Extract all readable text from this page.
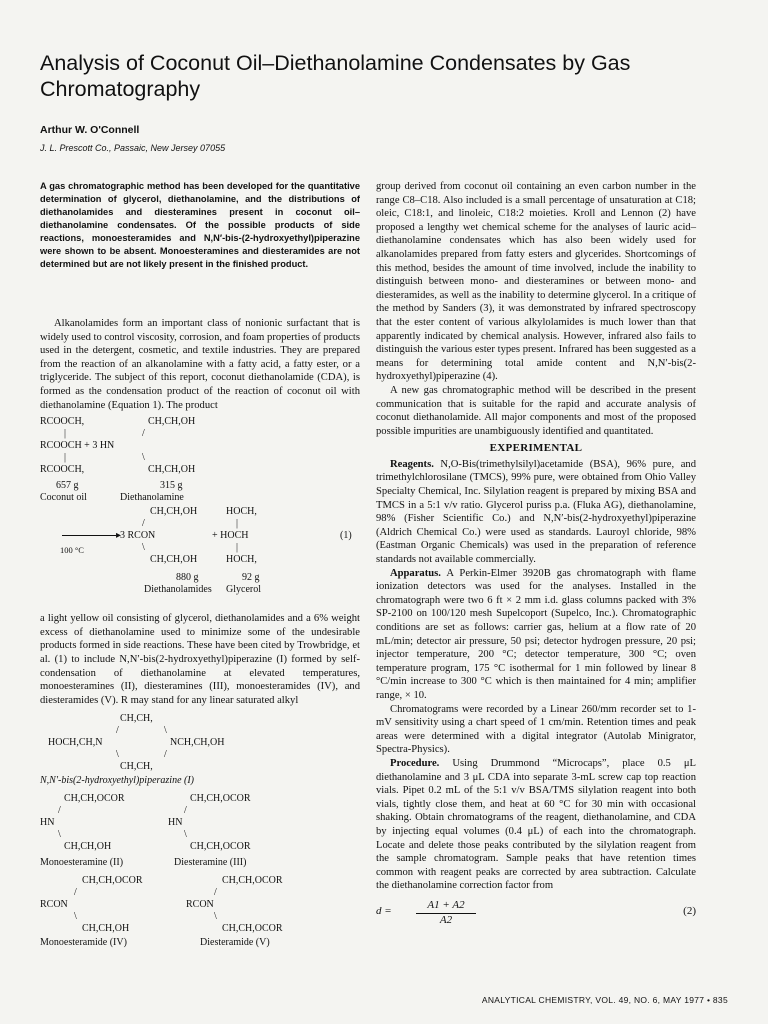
Analysis of Coconut Oil–Diethanolamine Condensates by Gas Chromatography
Arthur W. O'Connell
J. L. Prescott Co., Passaic, New Jersey 07055

A gas chromatographic method has been developed for the quantitative determination of glycerol, diethanolamine, and the distributions of diethanolamides and diesteramines present in coconut oil–diethanolamine condensates. Of the possible products of side reactions, monoesteramides and N,N′-bis-(2-hydroxyethyl)piperazine were shown to be absent. Monoesteramines and diesteramides are not determined but are not likely present in the finished product.

Alkanolamides form an important class of nonionic surfactant that is widely used to control viscosity, corrosion, and foam properties of products used in the detergent, cosmetic, and textile industries. They are prepared from the reaction of an alkanolamine with a fatty acid, a fatty ester, or a triglyceride. The subject of this report, coconut diethanolamide (CDA), is formed as the condensation product of the reaction of coconut oil with diethanolamine (Equation 1). The product

RCOOCH,	CH,CH,OH
|	/
RCOOCH + 3 HN
|	\
RCOOCH,	CH,CH,OH
657 g	315 g
Coconut oil	Diethanolamine
CH,CH,OH	HOCH,
/	|
▸
3 RCON	+ HOCH	(1)
100 °C	\	|
CH,CH,OH	HOCH,
880 g	92 g
Diethanolamides Glycerol

a light yellow oil consisting of glycerol, diethanolamides and a 6% weight excess of diethanolamine used to minimize some of the undesirable products formed in side reactions. These have been cited by Trowbridge, et al. (1) to include N,N′-bis(2-hydroxyethyl)piperazine (I) formed by self-condensation of diethanolamine at elevated temperatures, monoesteramines (II), diesteramines (III), monoesteramides (IV), and diesteramides (V). R may stand for any linear saturated alkyl

CH,CH,
/	\
HOCH,CH,N	NCH,CH,OH
\	/
CH,CH,
N,N′-bis(2-hydroxyethyl)piperazine (I)
CH,CH,OCOR	CH,CH,OCOR
/	/
HN	HN
\	\
CH,CH,OH	CH,CH,OCOR
Monoesteramine (II)	Diesteramine (III)
CH,CH,OCOR	CH,CH,OCOR
/	/
RCON	RCON
\	\
CH,CH,OH	CH,CH,OCOR
Monoesteramide (IV)	Diesteramide (V)

group derived from coconut oil containing an even carbon number in the range C8–C18. Also included is a small percentage of unsaturation at C18; oleic, C18:1, and linoleic, C18:2 moieties. Kroll and Lennon (2) have proposed a lengthy wet chemical scheme for the analyses of lauric acid–diethanolamine condensates which has also been widely used for alkanolamides prepared from fatty esters and glycerides. Shortcomings of this method, besides the amount of time involved, include the inability to distinguish between mono- and diesteramines or between mono- and diesteramides, as well as the inability to determine glycerol. In a critique of the method by Sanders (3), it was demonstrated by infrared spectroscopy that the ester content of various alkylolamides is much lower than that apparently indicated by chemical analysis. However, infrared also fails to distinguish the various ester types present. Infrared has been suggested as a means for determining total amide content and N,N′-bis(2-hydroxyethyl)piperazine (4).

A new gas chromatographic method will be described in the present communication that is suitable for the rapid and accurate analysis of coconut diethanolamide. All major components and most of the proposed possible impurities are unambiguously identified and quantitated.

EXPERIMENTAL

Reagents. N,O-Bis(trimethylsilyl)acetamide (BSA), 96% pure, and trimethylchlorosilane (TMCS), 99% pure, were obtained from Ohio Valley Specialty Chemical, Inc. Silylation reagent is prepared by mixing BSA and TMCS in a 5:1 v/v ratio. Glycerol puriss p.a. (Fluka AG), diethanolamine, 98% (Fisher Scientific Co.) and N,N′-bis(2-hydroxyethyl)piperazine (Aldrich Chemical Co.) were used as standards. Lauroyl chloride, 98% (Eastman Organic Chemicals) was used in the preparation of reference standards not available commercially.

Apparatus. A Perkin-Elmer 3920B gas chromatograph with flame ionization detectors was used for the analyses. Installed in the chromatograph were two 6 ft × 2 mm i.d. glass columns packed with 3% SP-2100 on 100/120 mesh Supelcoport (Supelco, Inc.). Chromatographic conditions are set as follows: carrier gas, helium at a flow rate of 20 mL/min; detector air pressure, 50 psi; detector hydrogen pressure, 20 psi; injector temperature, 200 °C; detector temperature, 300 °C; oven temperature program, 175 °C isothermal for 1 min followed by linear 8 °C/min increase to 300 °C which is then maintained for 4 min; amplifier range, × 10.

Chromatograms were recorded by a Linear 260/mm recorder set to 1-mV sensitivity using a chart speed of 1 cm/min. Retention times and peak areas were determined with a digital integrator (Autolab Minigrator, Spectra-Physics).

Procedure. Using Drummond “Microcaps”, place 0.5 μL diethanolamine and 3 μL CDA into separate 3-mL screw cap top reaction vials. Pipet 0.2 mL of the 5:1 v/v BSA/TMS silylation reagent into both vials, tightly close them, and heat at 60 °C for 30 min with occasional shaking. Obtain chromatograms of the reagent, diethanolamine, and CDA by injecting equal volumes (0.4 μL) of each into the chromatograph. Locate and delete those peaks contributed by the silylation reagent from the sample chromatogram. Sample peaks that have retention times common with reagent peaks are corrected by area subtraction. Calculate the diethanolamine correction factor from

$d = \frac{A1 + A2}{A2}$	(2)
ANALYTICAL CHEMISTRY, VOL. 49, NO. 6, MAY 1977 • 835
